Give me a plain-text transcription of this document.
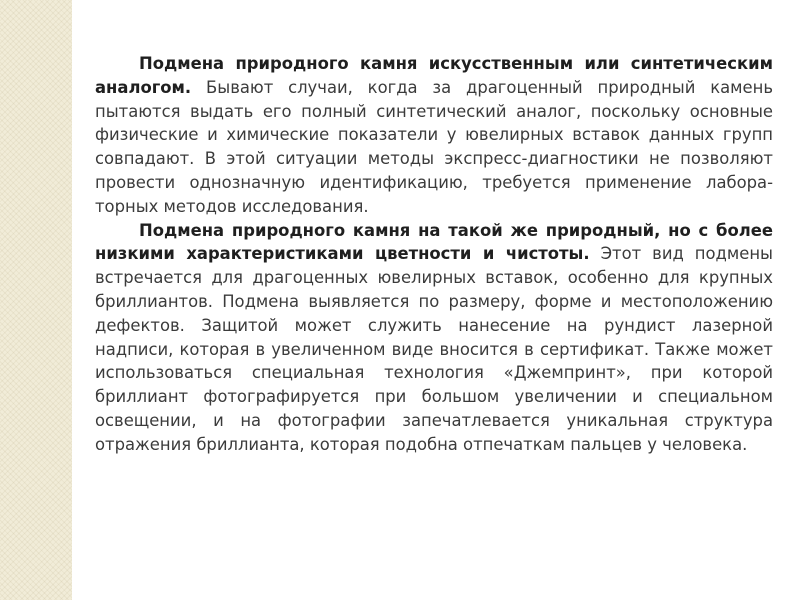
Подмена природного камня искусственным или синтетическим аналогом. Бывают случаи, когда за драгоценный природный камень пытаются выдать его полный синтетический аналог, поскольку основные физические и химические показатели у ювелирных вставок данных групп совпадают. В этой ситуации методы экспресс-диагностики не позволяют провести однозначную идентификацию, требуется применение лабораторных методов исследования.

Подмена природного камня на такой же природный, но с более низкими характеристиками цветности и чистоты. Этот вид подмены встречается для драгоценных ювелирных вставок, особенно для крупных бриллиантов. Подмена выявляется по размеру, форме и местоположению дефектов. Защитой может служить нанесение на рундист лазерной надписи, которая в увеличенном виде вносится в сертификат. Также может использоваться специальная технология «Джемпринт», при которой бриллиант фотографируется при большом увеличении и специальном освещении, и на фотографии запечатлевается уникальная структура отражения бриллианта, которая подобна отпечаткам пальцев у человека.
